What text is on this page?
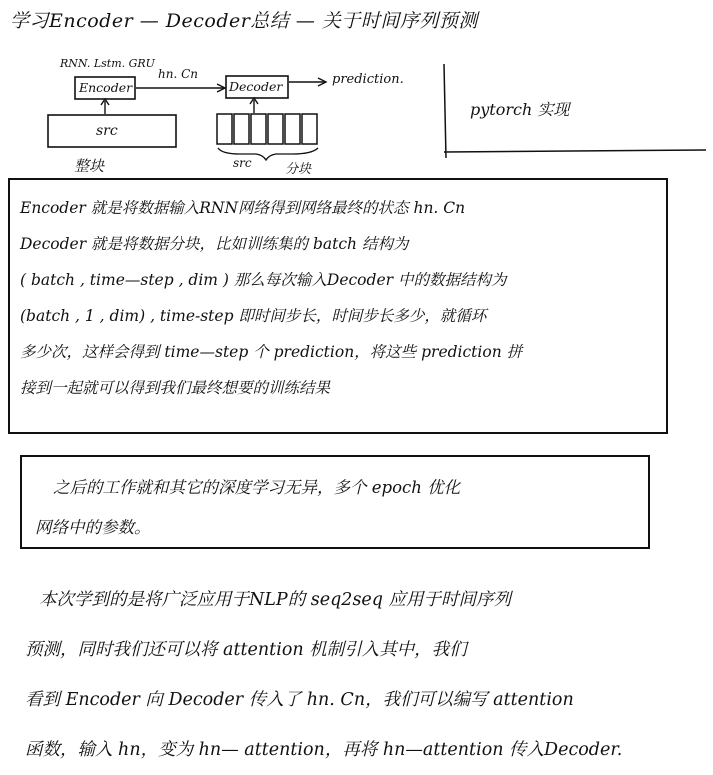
学习Encoder — Decoder总结 — 关于时间序列预测
RNN. Lstm. GRU
Encoder
hn. Cn
Decoder	prediction.
src
整块	src	分块
pytorch 实现
Encoder 就是将数据输入RNN网络得到网络最终的状态 hn. Cn
Decoder 就是将数据分块，比如训练集的 batch 结构为
( batch , time—step , dim ) 那么每次输入Decoder 中的数据结构为
(batch , 1 , dim) , time-step 即时间步长，时间步长多少，就循环
多少次，这样会得到 time—step 个 prediction，将这些 prediction 拼
接到一起就可以得到我们最终想要的训练结果
之后的工作就和其它的深度学习无异，多个 epoch 优化
网络中的参数。
本次学到的是将广泛应用于NLP的 seq2seq 应用于时间序列
预测，同时我们还可以将 attention 机制引入其中，我们
看到 Encoder 向 Decoder 传入了 hn. Cn，我们可以编写 attention
函数，输入 hn，变为 hn— attention，再将 hn—attention 传入Decoder.
